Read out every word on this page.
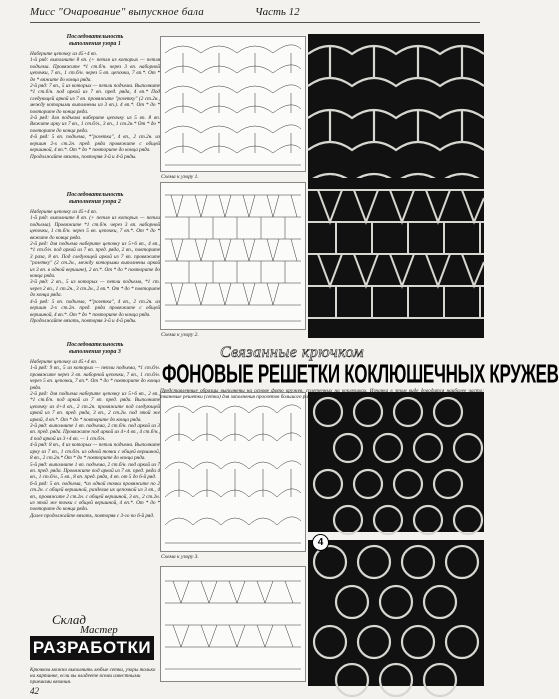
Мисс "Очарование" выпускное бала	Часть 12
Последовательность
выполнения узора 1
Наберите цепочку из 45+4 вп.
1-й ряд: выполните 8 вп. (+ петля из которых — петля подъема. Провяжите *1 ст.б/н. через 3 вп. наборной цепочки, 7 вп., 1 ст.б/н. через 5 вп. цепочки, 7 вп.*. От * до * вяжите до конца ряда.
2-й ряд: 7 вп., 5 из которых — петли подъема. Выполните *1 ст.б/н. под аркой из 7 вп. пред. ряда, 4 вп.* Под следующей аркой из 7 вп. провяжите "розетку" (2 ст.2н., между которыми выполнены из 3 вп.). 4 вп.*. От * до * повторите до конца ряда.
3-й ряд: для подъема наберите цепочку из 5 вп. 8 вп. Вяжите арку из 7 вп., 1 ст.б/н., 3 вп., 1 ст.2н.* От * до * повторите до конца ряда.
4-й ряд: 5 вп. подъема, *"розетка", 4 вп., 2 ст.2н. из вершин 2-х ст.2н. пред. ряда провяжите с общей вершиной, 4 вп.*. От * до * повторите до конца ряда.
Продолжайте вязать, повторяя 3-й и 4-й ряды.
Последовательность
выполнения узора 2
Наберите цепочку из 45+4 вп.
1-й ряд: выполните 8 вп. (+ петля из которых — петли подъема). Провяжите *1 ст.б/н. через 3 вп. наборной цепочки, 1 ст.б/н. через 5 вп. цепочки, 7 вп.*. От * до * вяжите до конца ряда.
2-й ряд: для подъема наберите цепочку из 5+6 вп., 4 вп., *1 ст.б/н. под аркой из 7 вп. пред. ряда, 2 вп., повторите 3 раза, 8 вп. Под следующей аркой из 7 вп. провяжите "розетку" (2 ст.2н., между которыми выполнены аркой из 3 вп. в одной вершине), 2 вп.*. От * до * повторите до конца ряда.
3-й ряд: 2 вп., 5 из которых — петли подъема, *1 ст. через 2 вп., 1 ст.2н., 3 ст.2н., 2 вп.*. От * до * повторите до конца ряда.
4-й ряд: 5 вп. подъема, *"розетка", 4 вп., 2 ст.2н. из вершин 2-х ст.2н. пред. ряда провяжите с общей вершиной, 4 вп.*. От * до * повторите до конца ряда.
Продолжайте вязать, повторяя 3-й и 4-й ряды.
Последовательность
выполнения узора 3
Наберите цепочку из 45+4 вп.
1-й ряд: 9 вп., 5 из которых — петли подъема, *1 ст.б/н. провяжите через 3 вп. наборной цепочки, 7 вп., 1 ст.б/н. через 5 вп. цепочки, 7 вп.*. От * до * повторите до конца ряда.
2-й ряд: для подъема наберите цепочку из 5+6 вп., 2 вп., *1 ст.б/н. под аркой из 7 вп. пред. ряда. Выполните цепочку из 4+4 вп., 2 ст.2н. провяжите под следующей аркой из 7 вп. пред. ряда, 3 вп., 2 ст.2н. под этой же аркой, 4 вп.*. От * до * повторите до конца ряда.
3-й ряд: выполните 1 вп. подъема, 2 ст.б/н. под аркой из 3 вп. пред. ряда. Провяжите под аркой из 4+4 вп., 4 ст.б/н., 4 под аркой из 3+4 вп. — 1 ст.б/н.
4-й ряд: 8 вп., 4 из которых — петли подъема. Выполните арку из 7 вп., 1 ст.б/н. из одной точки с общей вершиной, 8 вп., 2 ст.2н.* От * до * повторите до конца ряда.
5-й ряд: выполните 1 вп. подъема, 2 ст.б/н. под аркой из 7 вп. пред. ряда. Провяжите под аркой из 7 вп. пред. ряда 4 вп., 1 ст.б/н., 5 вп., 8 вп. пред. ряда, 4 вп. от 5 до 6-й ряд.
6-й ряд: 5 вп. подъема, *из одной точки провяжите по 2 ст.2н. с общей вершиной, разделив их цепочкой из 3 вп., 4 вп., провяжите 2 ст.2н. с общей вершиной, 3 вп., 2 ст.2н. из этой же точки с общей вершиной, 4 вп.*. От * до * повторите до конца ряда.
Далее продолжайте вязать, повторяя с 3-го по 6-й ряд.
Схема к узору 1.
Схема к узору 2.
Схема к узору 3.
4
Связанные крючком
ФОНОВЫЕ РЕШЕТКИ КОКЛЮШЕЧНЫХ КРУЖЕВ
Представленные образцы выполнены на основе фото кружев, сплетенных на коклюшках. Изнанка в этом виде доводится наиболее часто: тканевые решетки (сетки) для заполнения просветов большого размера.
Склад
Мастер
РАЗРАБОТКИ
Крючком можно выполнить любые сетки, узоры только на картинке, если вы владеете всеми известными приемами вязания.
42
